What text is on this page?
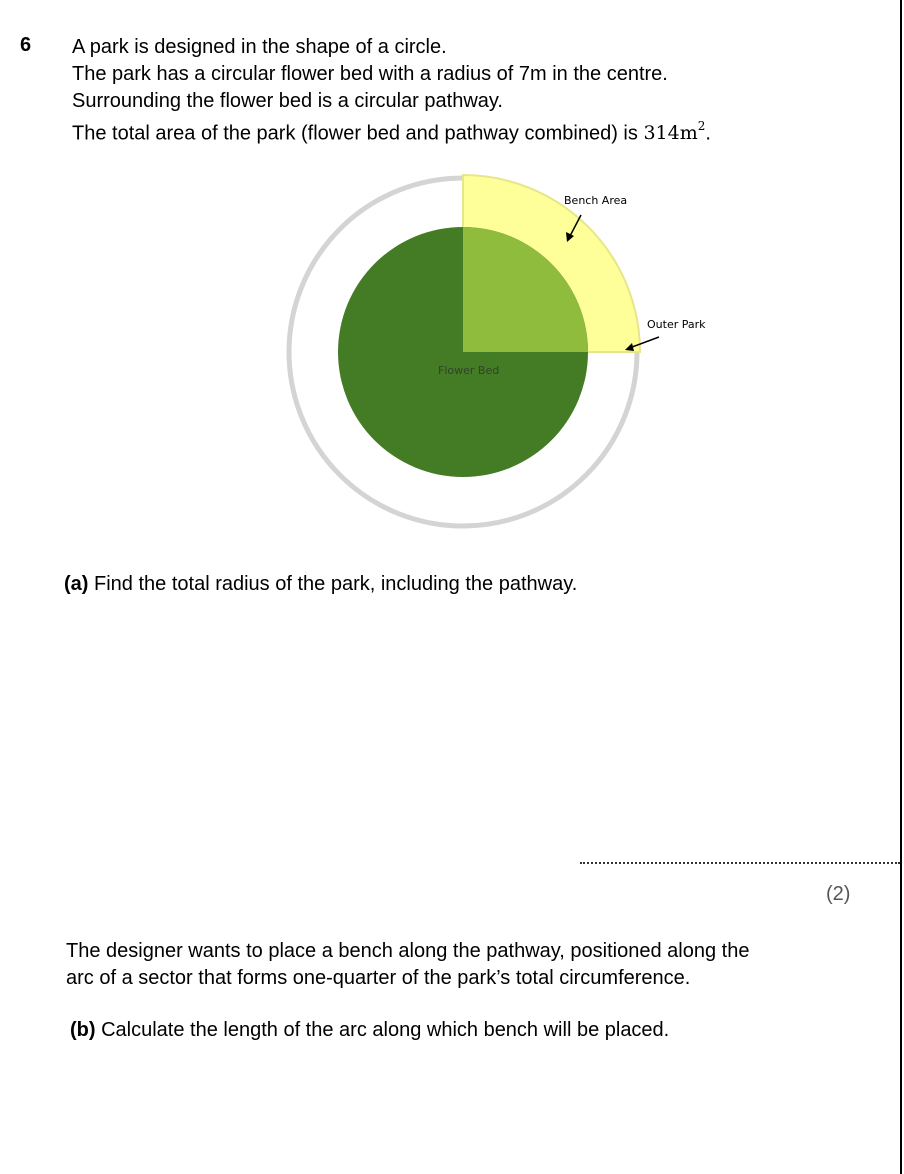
6 A park is designed in the shape of a circle.

The park has a circular flower bed with a radius of 7m in the centre.

Surrounding the flower bed is a circular pathway.

The total area of the park (flower bed and pathway combined) is $314m^2$.

Bench Area
Outer Park
Flower Bed
(a) Find the total radius of the park, including the pathway.
(2)

The designer wants to place a bench along the pathway, positioned along the

arc of a sector that forms one-quarter of the park’s total circumference.

(b) Calculate the length of the arc along which bench will be placed.
